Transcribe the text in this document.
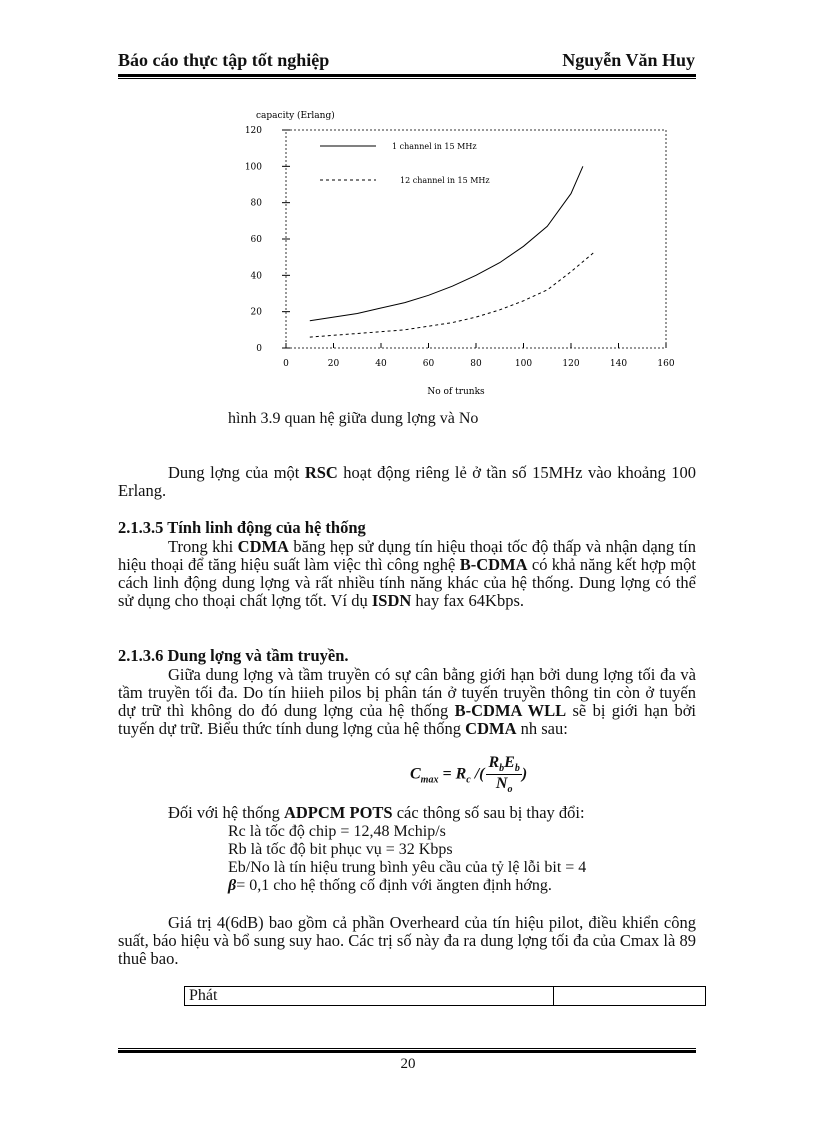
Báo cáo thực tập tốt nghiệp	Nguyễn Văn Huy
0
20
40
60
80
100
120
0	20	40	60	80	100	120	140	160
capacity (Erlang)
No of trunks
1 channel in 15 MHz
12 channel in 15 MHz
hình 3.9 quan hệ giữa dung lợng và No
Dung lợng của một RSC hoạt động riêng lẻ ở tần số 15MHz vào khoảng 100 Erlang.
2.1.3.5 Tính linh động của hệ thống
Trong khi CDMA băng hẹp sử dụng tín hiệu thoại tốc độ thấp và nhận dạng tín hiệu thoại để tăng hiệu suất làm việc thì công nghệ B-CDMA có khả năng kết hợp một cách linh động dung lợng và rất nhiều tính năng khác của hệ thống. Dung lợng có thể sử dụng cho thoại chất lợng tốt. Ví dụ ISDN hay fax 64Kbps.
2.1.3.6 Dung lợng và tầm truyền.
Giữa dung lợng và tầm truyền có sự cân bằng giới hạn bởi dung lợng tối đa và tầm truyền tối đa. Do tín hiieh pilos bị phân tán ở tuyến truyền thông tin còn ở tuyến dự trữ thì không do đó dung lợng của hệ thống B-CDMA WLL sẽ bị giới hạn bởi tuyến dự trữ. Biểu thức tính dung lợng của hệ thống CDMA nh sau:
$C_{max} = R_c$ /( $\frac{R_bE_b}{N_o}$ )
Đối với hệ thống ADPCM POTS các thông số sau bị thay đổi:
Rc là tốc độ chip = 12,48 Mchip/s
Rb là tốc độ bit phục vụ = 32 Kbps
Eb/No là tín hiệu trung bình yêu cầu của tỷ lệ lỗi bit = 4
β= 0,1 cho hệ thống cố định với ăngten định hớng.
Giá trị 4(6dB) bao gồm cả phần Overheard của tín hiệu pilot, điều khiển công suất, báo hiệu và bổ sung suy hao. Các trị số này đa ra dung lợng tối đa của Cmax là 89 thuê bao.
Phát
20
